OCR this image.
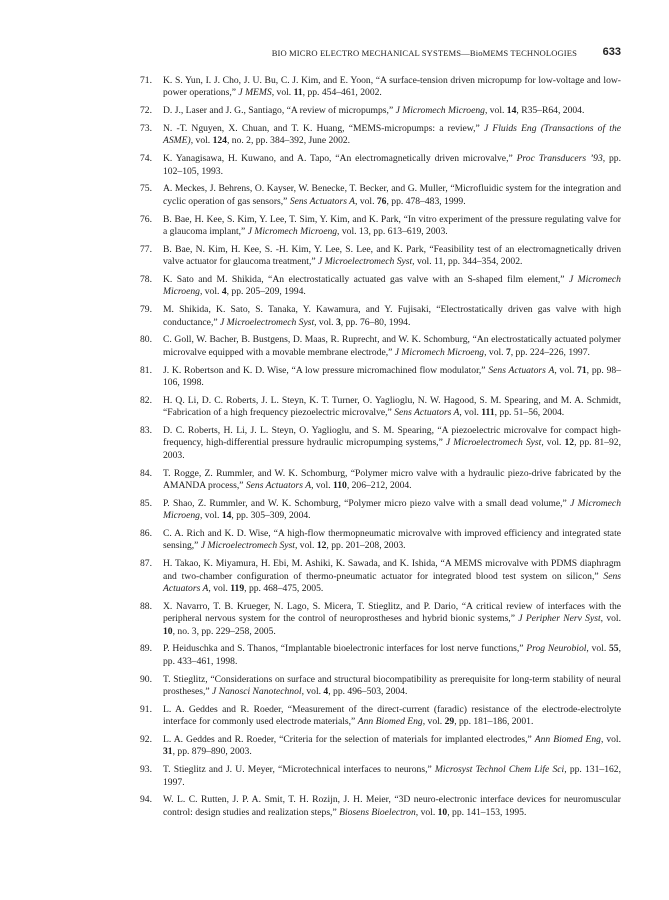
BIO MICRO ELECTRO MECHANICAL SYSTEMS—BioMEMS TECHNOLOGIES 633
71. K. S. Yun, I. J. Cho, J. U. Bu, C. J. Kim, and E. Yoon, “A surface-tension driven micropump for low-voltage and low-power operations,” J MEMS, vol. 11, pp. 454–461, 2002.
72. D. J., Laser and J. G., Santiago, “A review of micropumps,” J Micromech Microeng, vol. 14, R35–R64, 2004.
73. N. -T. Nguyen, X. Chuan, and T. K. Huang, “MEMS-micropumps: a review,” J Fluids Eng (Transactions of the ASME), vol. 124, no. 2, pp. 384–392, June 2002.
74. K. Yanagisawa, H. Kuwano, and A. Tapo, “An electromagnetically driven microvalve,” Proc Transducers ’93, pp. 102–105, 1993.
75. A. Meckes, J. Behrens, O. Kayser, W. Benecke, T. Becker, and G. Muller, “Microfluidic system for the integration and cyclic operation of gas sensors,” Sens Actuators A, vol. 76, pp. 478–483, 1999.
76. B. Bae, H. Kee, S. Kim, Y. Lee, T. Sim, Y. Kim, and K. Park, “In vitro experiment of the pressure regulating valve for a glaucoma implant,” J Micromech Microeng, vol. 13, pp. 613–619, 2003.
77. B. Bae, N. Kim, H. Kee, S. -H. Kim, Y. Lee, S. Lee, and K. Park, “Feasibility test of an electromagnetically driven valve actuator for glaucoma treatment,” J Microelectromech Syst, vol. 11, pp. 344–354, 2002.
78. K. Sato and M. Shikida, “An electrostatically actuated gas valve with an S-shaped film element,” J Micromech Microeng, vol. 4, pp. 205–209, 1994.
79. M. Shikida, K. Sato, S. Tanaka, Y. Kawamura, and Y. Fujisaki, “Electrostatically driven gas valve with high conductance,” J Microelectromech Syst, vol. 3, pp. 76–80, 1994.
80. C. Goll, W. Bacher, B. Bustgens, D. Maas, R. Ruprecht, and W. K. Schomburg, “An electrostatically actuated polymer microvalve equipped with a movable membrane electrode,” J Micromech Microeng, vol. 7, pp. 224–226, 1997.
81. J. K. Robertson and K. D. Wise, “A low pressure micromachined flow modulator,” Sens Actuators A, vol. 71, pp. 98–106, 1998.
82. H. Q. Li, D. C. Roberts, J. L. Steyn, K. T. Turner, O. Yaglioglu, N. W. Hagood, S. M. Spearing, and M. A. Schmidt, “Fabrication of a high frequency piezoelectric microvalve,” Sens Actuators A, vol. 111, pp. 51–56, 2004.
83. D. C. Roberts, H. Li, J. L. Steyn, O. Yaglioglu, and S. M. Spearing, “A piezoelectric microvalve for compact high-frequency, high-differential pressure hydraulic micropumping systems,” J Microelectromech Syst, vol. 12, pp. 81–92, 2003.
84. T. Rogge, Z. Rummler, and W. K. Schomburg, “Polymer micro valve with a hydraulic piezo-drive fabricated by the AMANDA process,” Sens Actuators A, vol. 110, 206–212, 2004.
85. P. Shao, Z. Rummler, and W. K. Schomburg, “Polymer micro piezo valve with a small dead volume,” J Micromech Microeng, vol. 14, pp. 305–309, 2004.
86. C. A. Rich and K. D. Wise, “A high-flow thermopneumatic microvalve with improved efficiency and integrated state sensing,” J Microelectromech Syst, vol. 12, pp. 201–208, 2003.
87. H. Takao, K. Miyamura, H. Ebi, M. Ashiki, K. Sawada, and K. Ishida, “A MEMS microvalve with PDMS diaphragm and two-chamber configuration of thermo-pneumatic actuator for integrated blood test system on silicon,” Sens Actuators A, vol. 119, pp. 468–475, 2005.
88. X. Navarro, T. B. Krueger, N. Lago, S. Micera, T. Stieglitz, and P. Dario, “A critical review of interfaces with the peripheral nervous system for the control of neuroprostheses and hybrid bionic systems,” J Peripher Nerv Syst, vol. 10, no. 3, pp. 229–258, 2005.
89. P. Heiduschka and S. Thanos, “Implantable bioelectronic interfaces for lost nerve functions,” Prog Neurobiol, vol. 55, pp. 433–461, 1998.
90. T. Stieglitz, “Considerations on surface and structural biocompatibility as prerequisite for long-term stability of neural prostheses,” J Nanosci Nanotechnol, vol. 4, pp. 496–503, 2004.
91. L. A. Geddes and R. Roeder, “Measurement of the direct-current (faradic) resistance of the electrode-electrolyte interface for commonly used electrode materials,” Ann Biomed Eng, vol. 29, pp. 181–186, 2001.
92. L. A. Geddes and R. Roeder, “Criteria for the selection of materials for implanted electrodes,” Ann Biomed Eng, vol. 31, pp. 879–890, 2003.
93. T. Stieglitz and J. U. Meyer, “Microtechnical interfaces to neurons,” Microsyst Technol Chem Life Sci, pp. 131–162, 1997.
94. W. L. C. Rutten, J. P. A. Smit, T. H. Rozijn, J. H. Meier, “3D neuro-electronic interface devices for neuromuscular control: design studies and realization steps,” Biosens Bioelectron, vol. 10, pp. 141–153, 1995.
